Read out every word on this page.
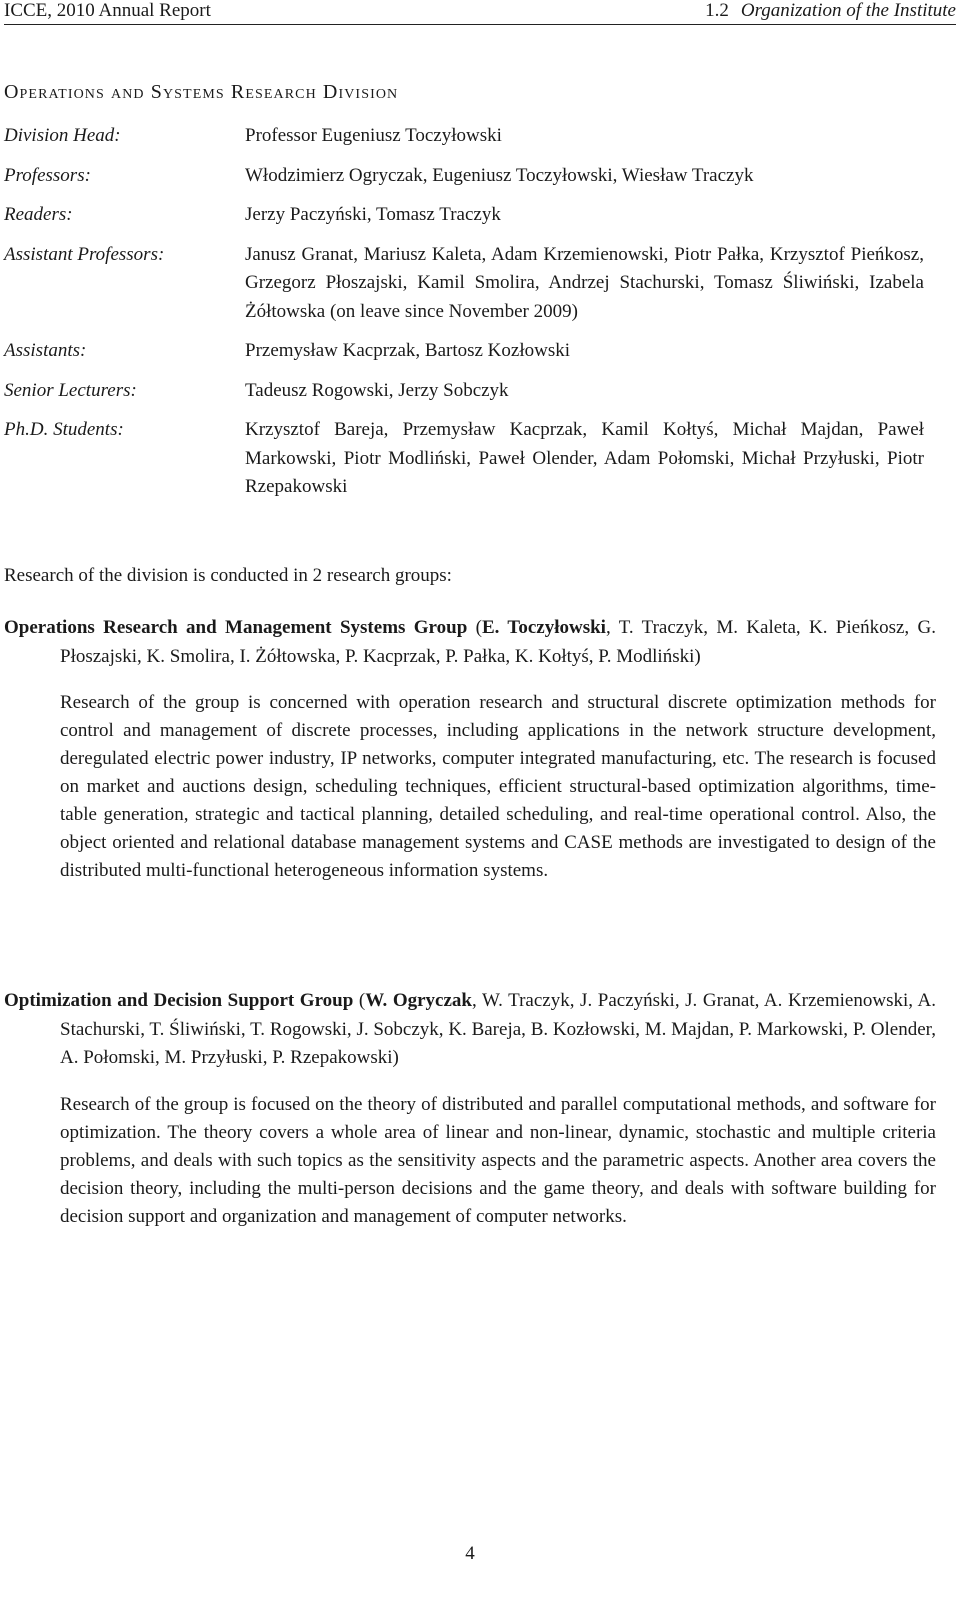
ICCE, 2010 Annual Report	1.2 Organization of the Institute
Operations and Systems Research Division
Division Head:	Professor Eugeniusz Toczyłowski
Professors:	Włodzimierz Ogryczak, Eugeniusz Toczyłowski, Wiesław Traczyk
Readers:	Jerzy Paczyński, Tomasz Traczyk
Assistant Professors:	Janusz Granat, Mariusz Kaleta, Adam Krzemienowski, Piotr Pałka, Krzysztof Pieńkosz, Grzegorz Płoszajski, Kamil Smolira, Andrzej Stachurski, Tomasz Śliwiński, Izabela Żółtowska (on leave since November 2009)
Assistants:	Przemysław Kacprzak, Bartosz Kozłowski
Senior Lecturers:	Tadeusz Rogowski, Jerzy Sobczyk
Ph.D. Students:	Krzysztof Bareja, Przemysław Kacprzak, Kamil Kołtyś, Michał Majdan, Paweł Markowski, Piotr Modliński, Paweł Olender, Adam Połomski, Michał Przyłuski, Piotr Rzepakowski
Research of the division is conducted in 2 research groups:
Operations Research and Management Systems Group (E. Toczyłowski, T. Traczyk, M. Kaleta, K. Pieńkosz, G. Płoszajski, K. Smolira, I. Żółtowska, P. Kacprzak, P. Pałka, K. Kołtyś, P. Modliński)
Research of the group is concerned with operation research and structural discrete optimization methods for control and management of discrete processes, including applications in the network structure development, deregulated electric power industry, IP networks, computer integrated manufacturing, etc. The research is focused on market and auctions design, scheduling techniques, efficient structural-based optimization algorithms, time-table generation, strategic and tactical planning, detailed scheduling, and real-time operational control. Also, the object oriented and relational database management systems and CASE methods are investigated to design of the distributed multi-functional heterogeneous information systems.
Optimization and Decision Support Group (W. Ogryczak, W. Traczyk, J. Paczyński, J. Granat, A. Krzemienowski, A. Stachurski, T. Śliwiński, T. Rogowski, J. Sobczyk, K. Bareja, B. Kozłowski, M. Majdan, P. Markowski, P. Olender, A. Połomski, M. Przyłuski, P. Rzepakowski)
Research of the group is focused on the theory of distributed and parallel computational methods, and software for optimization. The theory covers a whole area of linear and non-linear, dynamic, stochastic and multiple criteria problems, and deals with such topics as the sensitivity aspects and the parametric aspects. Another area covers the decision theory, including the multi-person decisions and the game theory, and deals with software building for decision support and organization and management of computer networks.
4
